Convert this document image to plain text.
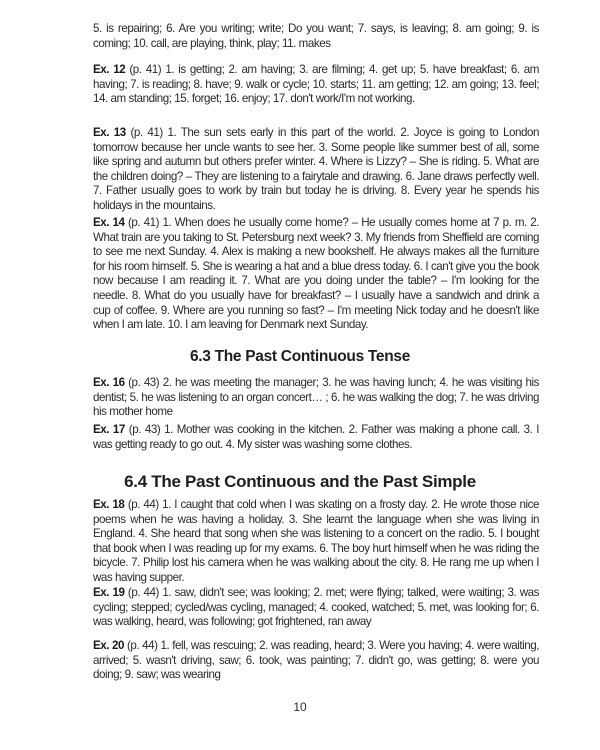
5. is repairing; 6. Are you writing; write; Do you want; 7. says, is leaving; 8. am going; 9. is coming; 10. call, are playing, think, play; 11. makes

Ex. 12 (p. 41) 1. is getting; 2. am having; 3. are filming; 4. get up; 5. have breakfast; 6. am having; 7. is reading; 8. have; 9. walk or cycle; 10. starts; 11. am getting; 12. am going; 13. feel; 14. am standing; 15. forget; 16. enjoy; 17. don't work/I'm not working.

Ex. 13 (p. 41) 1. The sun sets early in this part of the world. 2. Joyce is going to London tomorrow because her uncle wants to see her. 3. Some people like summer best of all, some like spring and autumn but others prefer winter. 4. Where is Lizzy? – She is riding. 5. What are the children doing? – They are listening to a fairytale and drawing. 6. Jane draws perfectly well. 7. Father usually goes to work by train but today he is driving. 8. Every year he spends his holidays in the mountains.

Ex. 14 (p. 41) 1. When does he usually come home? – He usually comes home at 7 p. m. 2. What train are you taking to St. Petersburg next week? 3. My friends from Sheffield are coming to see me next Sunday. 4. Alex is making a new bookshelf. He always makes all the furniture for his room himself. 5. She is wearing a hat and a blue dress today. 6. I can't give you the book now because I am reading it. 7. What are you doing under the table? – I'm looking for the needle. 8. What do you usually have for breakfast? – I usually have a sandwich and drink a cup of coffee. 9. Where are you running so fast? – I'm meeting Nick today and he doesn't like when I am late. 10. I am leaving for Denmark next Sunday.

6.3 The Past Continuous Tense

Ex. 16 (p. 43) 2. he was meeting the manager; 3. he was having lunch; 4. he was visiting his dentist; 5. he was listening to an organ concert… ; 6. he was walking the dog; 7. he was driving his mother home

Ex. 17 (p. 43) 1. Mother was cooking in the kitchen. 2. Father was making a phone call. 3. I was getting ready to go out. 4. My sister was washing some clothes.

6.4 The Past Continuous and the Past Simple

Ex. 18 (p. 44) 1. I caught that cold when I was skating on a frosty day. 2. He wrote those nice poems when he was having a holiday. 3. She learnt the language when she was living in England. 4. She heard that song when she was listening to a concert on the radio. 5. I bought that book when I was reading up for my exams. 6. The boy hurt himself when he was riding the bicycle. 7. Philip lost his camera when he was walking about the city. 8. He rang me up when I was having supper.

Ex. 19 (p. 44) 1. saw, didn't see; was looking; 2. met; were flying; talked, were waiting; 3. was cycling; stepped; cycled/was cycling, managed; 4. cooked, watched; 5. met, was looking for; 6. was walking, heard, was following; got frightened, ran away

Ex. 20 (p. 44) 1. fell, was rescuing; 2. was reading, heard; 3. Were you having; 4. were waiting, arrived; 5. wasn't driving, saw; 6. took, was painting; 7. didn't go, was getting; 8. were you doing; 9. saw; was wearing

10
